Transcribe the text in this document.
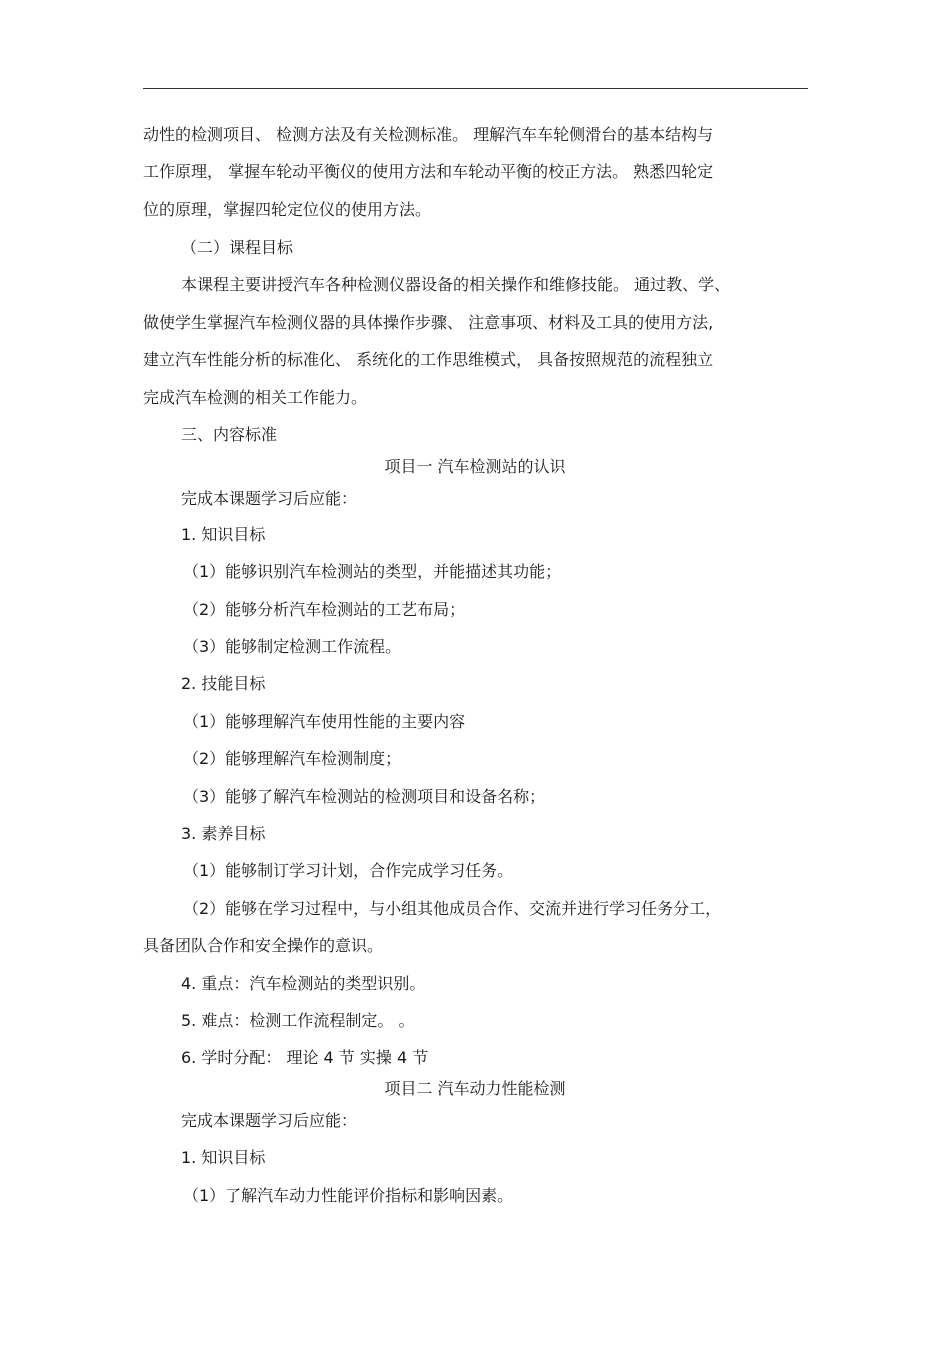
动性的检测项目、 检测方法及有关检测标准。 理解汽车车轮侧滑台的基本结构与
工作原理， 掌握车轮动平衡仪的使用方法和车轮动平衡的校正方法。 熟悉四轮定
位的原理，掌握四轮定位仪的使用方法。
（二）课程目标
本课程主要讲授汽车各种检测仪器设备的相关操作和维修技能。 通过教、学、
做使学生掌握汽车检测仪器的具体操作步骤、 注意事项、材料及工具的使用方法,
建立汽车性能分析的标准化、 系统化的工作思维模式， 具备按照规范的流程独立
完成汽车检测的相关工作能力。
三、内容标准
项目一 汽车检测站的认识
完成本课题学习后应能：
1. 知识目标
（1）能够识别汽车检测站的类型，并能描述其功能；
（2）能够分析汽车检测站的工艺布局；
（3）能够制定检测工作流程。
2. 技能目标
（1）能够理解汽车使用性能的主要内容
（2）能够理解汽车检测制度；
（3）能够了解汽车检测站的检测项目和设备名称；
3. 素养目标
（1）能够制订学习计划，合作完成学习任务。
（2）能够在学习过程中，与小组其他成员合作、交流并进行学习任务分工，
具备团队合作和安全操作的意识。
4. 重点：汽车检测站的类型识别。
5. 难点：检测工作流程制定。 。
6. 学时分配： 理论 4 节 实操 4 节
项目二 汽车动力性能检测
完成本课题学习后应能：
1. 知识目标
（1）了解汽车动力性能评价指标和影响因素。
